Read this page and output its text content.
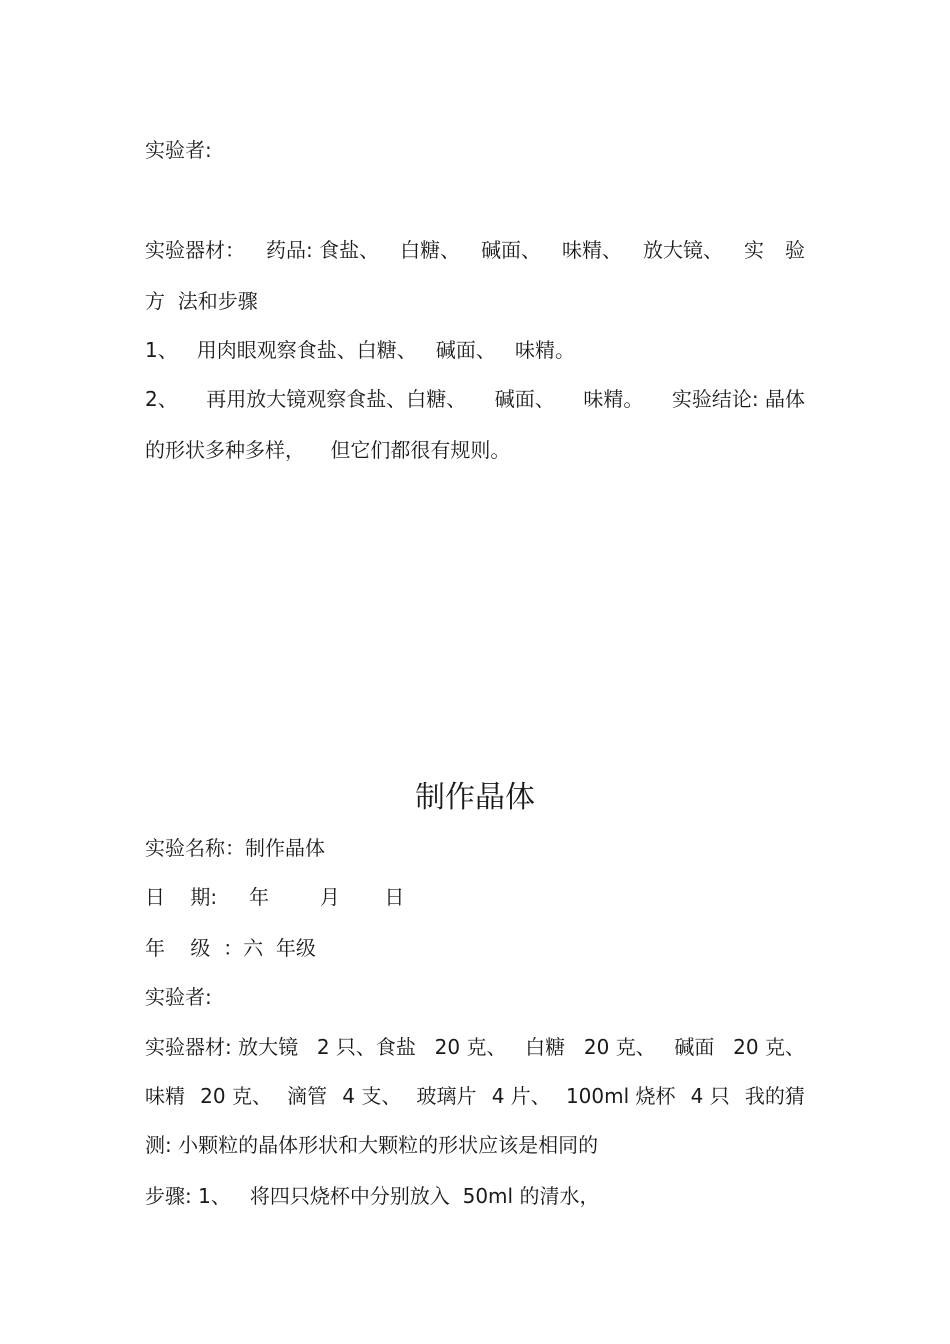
实验者:
实验器材： 药品: 食盐、 白糖、 碱面、 味精、 放大镜、 实 验
方  法和步骤
1、   用肉眼观察食盐、白糖、   碱面、   味精。
2、 再用放大镜观察食盐、白糖、 碱面、 味精。 实验结论: 晶体
的形状多种多样，    但它们都很有规则。
制作晶体
实验名称：制作晶体
日    期:     年        月       日
年    级  ：六  年级
实验者:
实验器材: 放大镜 2 只、食盐 20 克、 白糖 20 克、 碱面 20 克、
味精 20 克、 滴管 4 支、 玻璃片 4 片、 100ml 烧杯 4 只 我的猜
测: 小颗粒的晶体形状和大颗粒的形状应该是相同的
步骤: 1、   将四只烧杯中分别放入  50ml 的清水，
